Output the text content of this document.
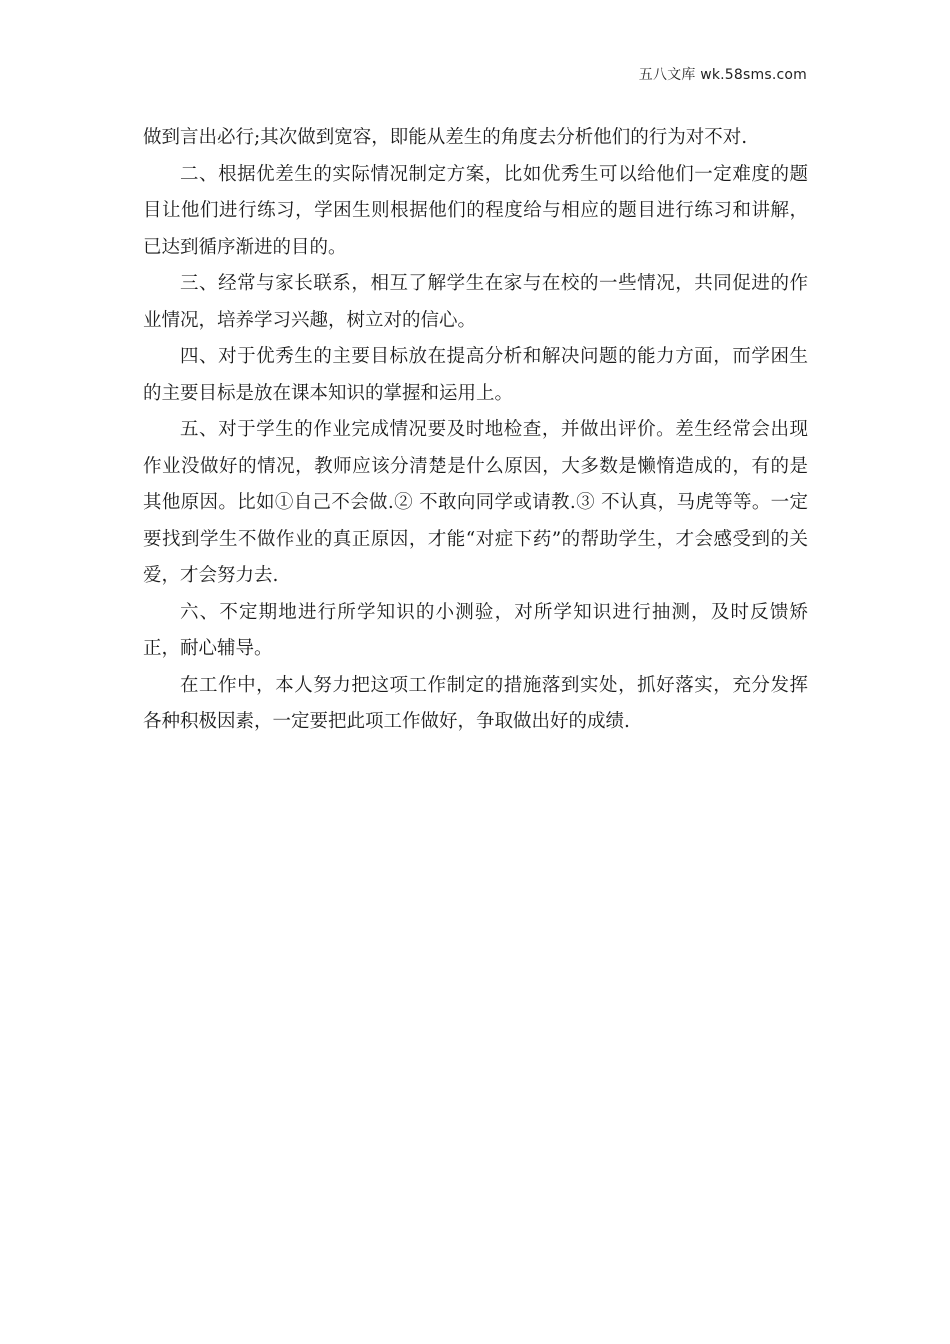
五八文库 wk.58sms.com

做到言出必行;其次做到宽容，即能从差生的角度去分析他们的行为对不对.

二、根据优差生的实际情况制定方案，比如优秀生可以给他们一定难度的题目让他们进行练习，学困生则根据他们的程度给与相应的题目进行练习和讲解，已达到循序渐进的目的。

三、经常与家长联系，相互了解学生在家与在校的一些情况，共同促进的作业情况，培养学习兴趣，树立对的信心。

四、对于优秀生的主要目标放在提高分析和解决问题的能力方面，而学困生的主要目标是放在课本知识的掌握和运用上。

五、对于学生的作业完成情况要及时地检查，并做出评价。差生经常会出现作业没做好的情况，教师应该分清楚是什么原因，大多数是懒惰造成的，有的是其他原因。比如①自己不会做.② 不敢向同学或请教.③ 不认真，马虎等等。一定要找到学生不做作业的真正原因，才能“对症下药”的帮助学生，才会感受到的关爱，才会努力去.

六、不定期地进行所学知识的小测验，对所学知识进行抽测，及时反馈矫正，耐心辅导。

在工作中，本人努力把这项工作制定的措施落到实处，抓好落实，充分发挥各种积极因素，一定要把此项工作做好，争取做出好的成绩.
